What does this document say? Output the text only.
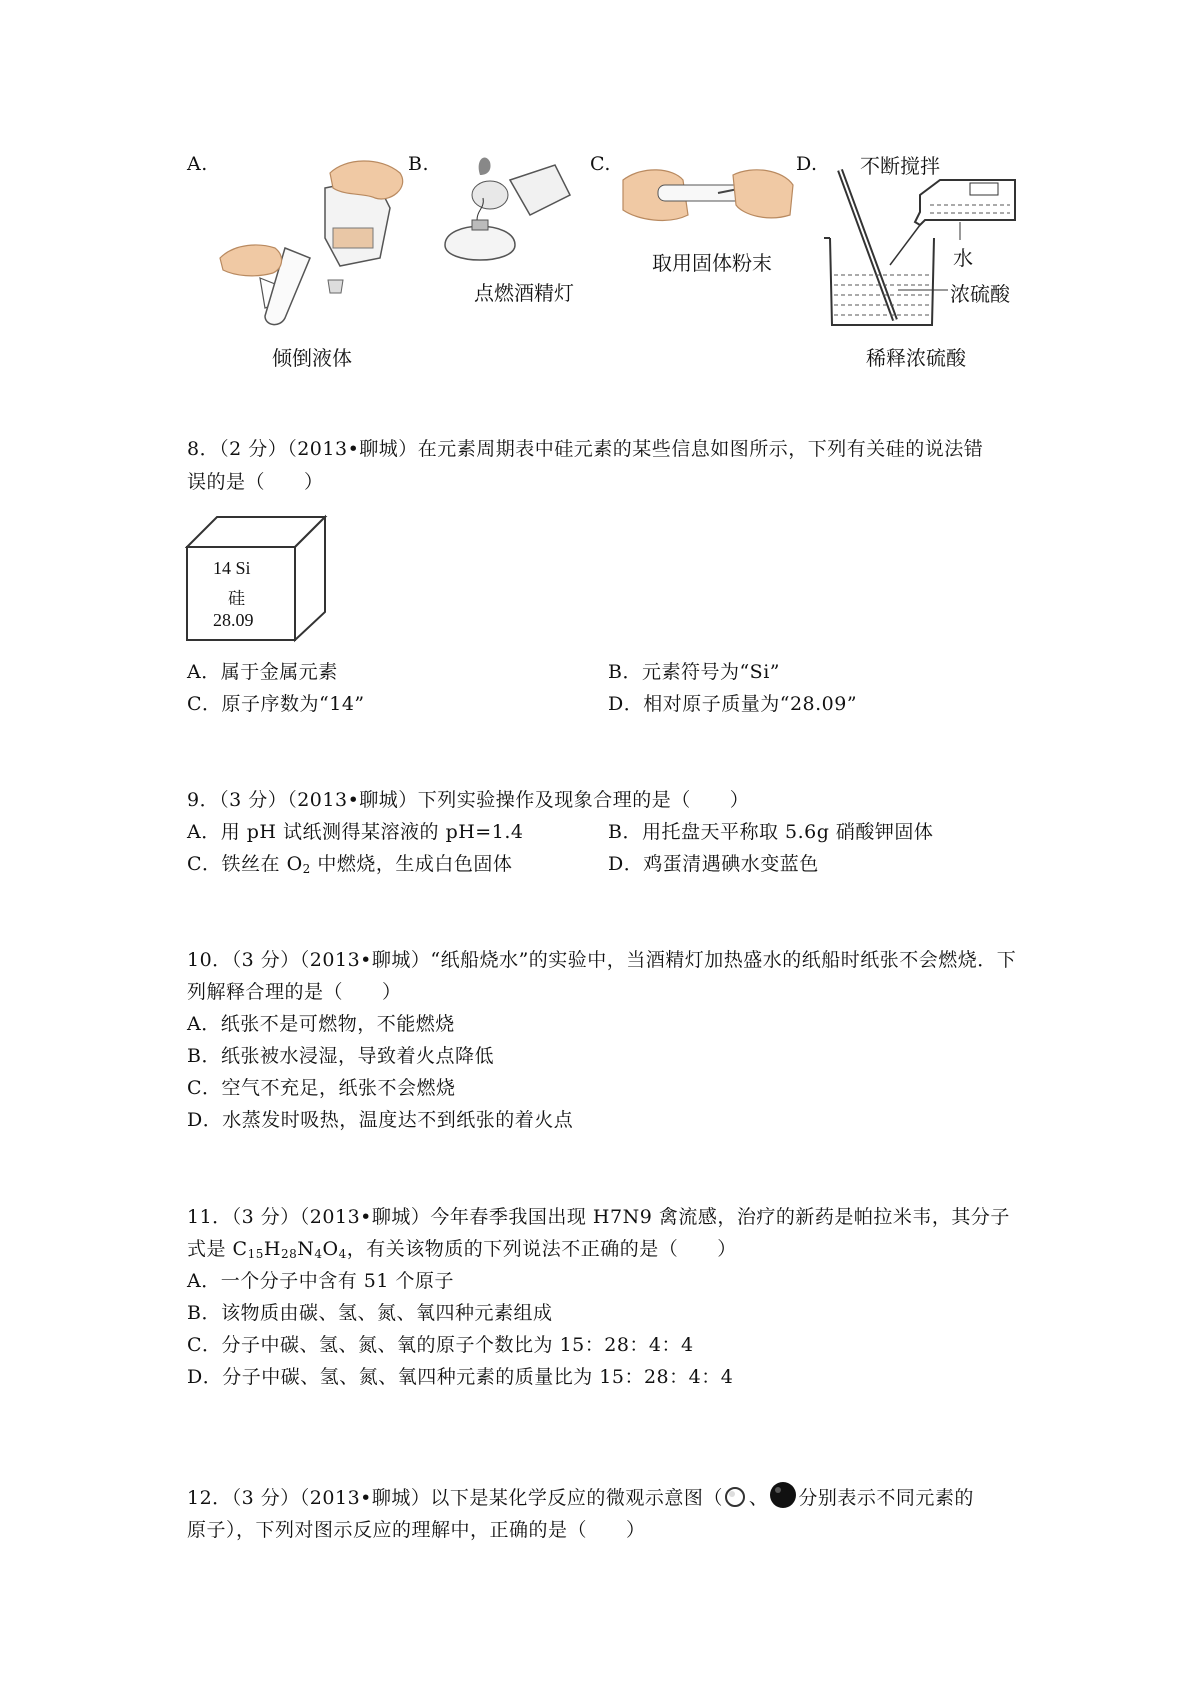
A.
倾倒液体
B.
点燃酒精灯
C.
取用固体粉末
D. 不断搅拌
水
浓硫酸
稀释浓硫酸
8．（2 分）（2013•聊城）在元素周期表中硅元素的某些信息如图所示，下列有关硅的说法错
误的是（　　）
14 Si
硅
28.09
A．属于金属元素	B．元素符号为“Si”
C．原子序数为“14”	D．相对原子质量为“28.09”
9．（3 分）（2013•聊城）下列实验操作及现象合理的是（　　）
A．用 pH 试纸测得某溶液的 pH=1.4	B．用托盘天平称取 5.6g 硝酸钾固体
C．铁丝在 $O_2$ 中燃烧，生成白色固体	D．鸡蛋清遇碘水变蓝色
10．（3 分）（2013•聊城）“纸船烧水”的实验中，当酒精灯加热盛水的纸船时纸张不会燃烧．下
列解释合理的是（　　）
A．纸张不是可燃物，不能燃烧
B．纸张被水浸湿，导致着火点降低
C．空气不充足，纸张不会燃烧
D．水蒸发时吸热，温度达不到纸张的着火点
11．（3 分）（2013•聊城）今年春季我国出现 H7N9 禽流感，治疗的新药是帕拉米韦，其分子
式是 $C_{15}H_{28}N_4O_4$，有关该物质的下列说法不正确的是（　　）
A．一个分子中含有 51 个原子
B．该物质由碳、氢、氮、氧四种元素组成
C．分子中碳、氢、氮、氧的原子个数比为 15：28：4：4
D．分子中碳、氢、氮、氧四种元素的质量比为 15：28：4：4
12．（3 分）（2013•聊城）以下是某化学反应的微观示意图（ 、 分别表示不同元素的
原子），下列对图示反应的理解中，正确的是（　　）
